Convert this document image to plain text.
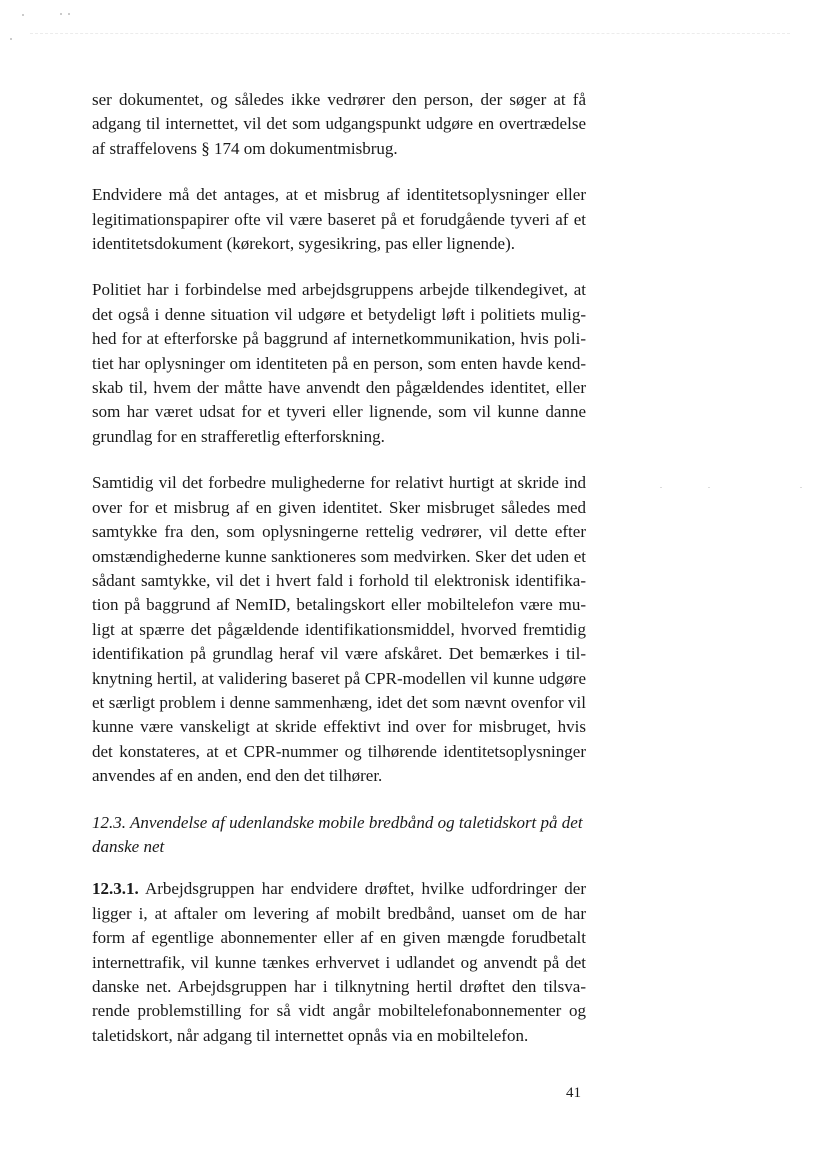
ser dokumentet, og således ikke vedrører den person, der søger at få adgang til internettet, vil det som udgangspunkt udgøre en overtrædelse af straffelovens § 174 om dokumentmisbrug.

Endvidere må det antages, at et misbrug af identitetsoplysninger eller legitimationspapirer ofte vil være baseret på et forudgående tyveri af et identitetsdokument (kørekort, sygesikring, pas eller lignende).

Politiet har i forbindelse med arbejdsgruppens arbejde tilkendegivet, at det også i denne situation vil udgøre et betydeligt løft i politiets mulighed for at efterforske på baggrund af internetkommunikation, hvis politiet har oplysninger om identiteten på en person, som enten havde kendskab til, hvem der måtte have anvendt den pågældendes identitet, eller som har været udsat for et tyveri eller lignende, som vil kunne danne grundlag for en strafferetlig efterforskning.

Samtidig vil det forbedre mulighederne for relativt hurtigt at skride ind over for et misbrug af en given identitet. Sker misbruget således med samtykke fra den, som oplysningerne rettelig vedrører, vil dette efter omstændighederne kunne sanktioneres som medvirken. Sker det uden et sådant samtykke, vil det i hvert fald i forhold til elektronisk identifikation på baggrund af NemID, betalingskort eller mobiltelefon være muligt at spærre det pågældende identifikationsmiddel, hvorved fremtidig identifikation på grundlag heraf vil være afskåret. Det bemærkes i tilknytning hertil, at validering baseret på CPR-modellen vil kunne udgøre et særligt problem i denne sammenhæng, idet det som nævnt ovenfor vil kunne være vanskeligt at skride effektivt ind over for misbruget, hvis det konstateres, at et CPR-nummer og tilhørende identitetsoplysninger anvendes af en anden, end den det tilhører.

12.3. Anvendelse af udenlandske mobile bredbånd og taletidskort på det danske net

12.3.1. Arbejdsgruppen har endvidere drøftet, hvilke udfordringer der ligger i, at aftaler om levering af mobilt bredbånd, uanset om de har form af egentlige abonnementer eller af en given mængde forudbetalt internettrafik, vil kunne tænkes erhvervet i udlandet og anvendt på det danske net. Arbejdsgruppen har i tilknytning hertil drøftet den tilsvarende problemstilling for så vidt angår mobiltelefonabonnementer og taletidskort, når adgang til internettet opnås via en mobiltelefon.

41
